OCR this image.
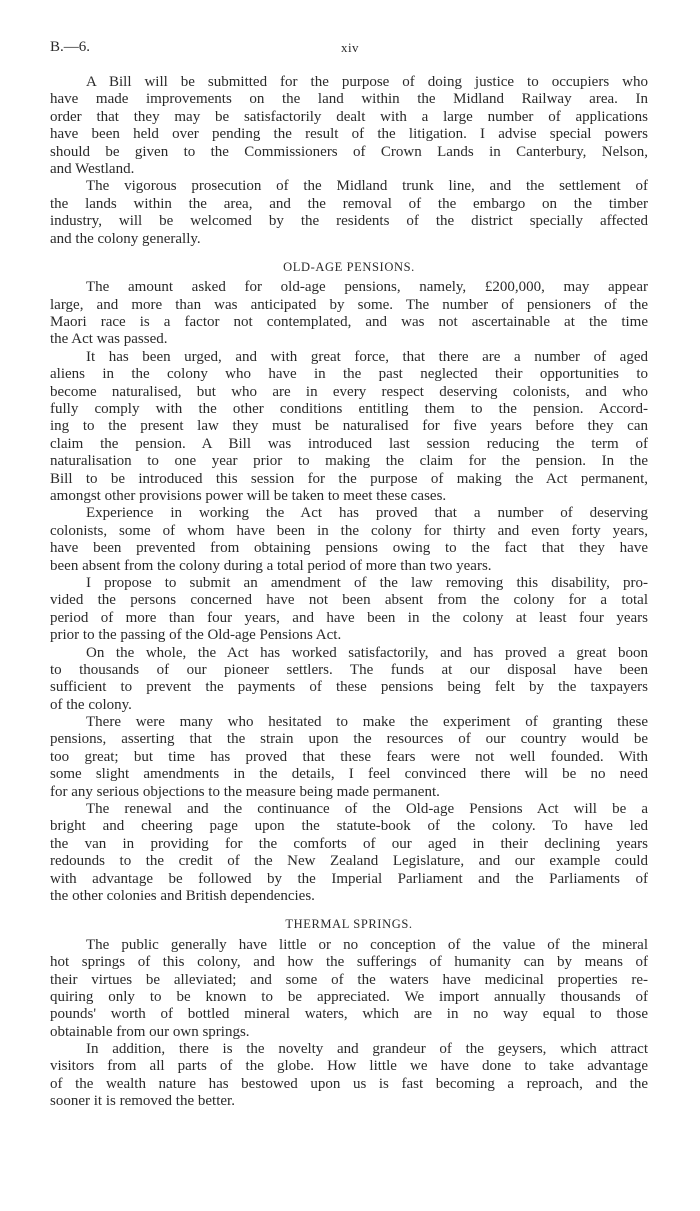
B.—6.	xiv
A Bill will be submitted for the purpose of doing justice to occupiers who
have made improvements on the land within the Midland Railway area. In
order that they may be satisfactorily dealt with a large number of applications
have been held over pending the result of the litigation. I advise special powers
should be given to the Commissioners of Crown Lands in Canterbury, Nelson,
and Westland.
The vigorous prosecution of the Midland trunk line, and the settlement of
the lands within the area, and the removal of the embargo on the timber
industry, will be welcomed by the residents of the district specially affected
and the colony generally.
OLD-AGE PENSIONS.
The amount asked for old-age pensions, namely, £200,000, may appear
large, and more than was anticipated by some. The number of pensioners of the
Maori race is a factor not contemplated, and was not ascertainable at the time
the Act was passed.
It has been urged, and with great force, that there are a number of aged
aliens in the colony who have in the past neglected their opportunities to
become naturalised, but who are in every respect deserving colonists, and who
fully comply with the other conditions entitling them to the pension. Accord-
ing to the present law they must be naturalised for five years before they can
claim the pension. A Bill was introduced last session reducing the term of
naturalisation to one year prior to making the claim for the pension. In the
Bill to be introduced this session for the purpose of making the Act permanent,
amongst other provisions power will be taken to meet these cases.
Experience in working the Act has proved that a number of deserving
colonists, some of whom have been in the colony for thirty and even forty years,
have been prevented from obtaining pensions owing to the fact that they have
been absent from the colony during a total period of more than two years.
I propose to submit an amendment of the law removing this disability, pro-
vided the persons concerned have not been absent from the colony for a total
period of more than four years, and have been in the colony at least four years
prior to the passing of the Old-age Pensions Act.
On the whole, the Act has worked satisfactorily, and has proved a great boon
to thousands of our pioneer settlers. The funds at our disposal have been
sufficient to prevent the payments of these pensions being felt by the taxpayers
of the colony.
There were many who hesitated to make the experiment of granting these
pensions, asserting that the strain upon the resources of our country would be
too great; but time has proved that these fears were not well founded. With
some slight amendments in the details, I feel convinced there will be no need
for any serious objections to the measure being made permanent.
The renewal and the continuance of the Old-age Pensions Act will be a
bright and cheering page upon the statute-book of the colony. To have led
the van in providing for the comforts of our aged in their declining years
redounds to the credit of the New Zealand Legislature, and our example could
with advantage be followed by the Imperial Parliament and the Parliaments of
the other colonies and British dependencies.
THERMAL SPRINGS.
The public generally have little or no conception of the value of the mineral
hot springs of this colony, and how the sufferings of humanity can by means of
their virtues be alleviated; and some of the waters have medicinal properties re-
quiring only to be known to be appreciated. We import annually thousands of
pounds' worth of bottled mineral waters, which are in no way equal to those
obtainable from our own springs.
In addition, there is the novelty and grandeur of the geysers, which attract
visitors from all parts of the globe. How little we have done to take advantage
of the wealth nature has bestowed upon us is fast becoming a reproach, and the
sooner it is removed the better.
